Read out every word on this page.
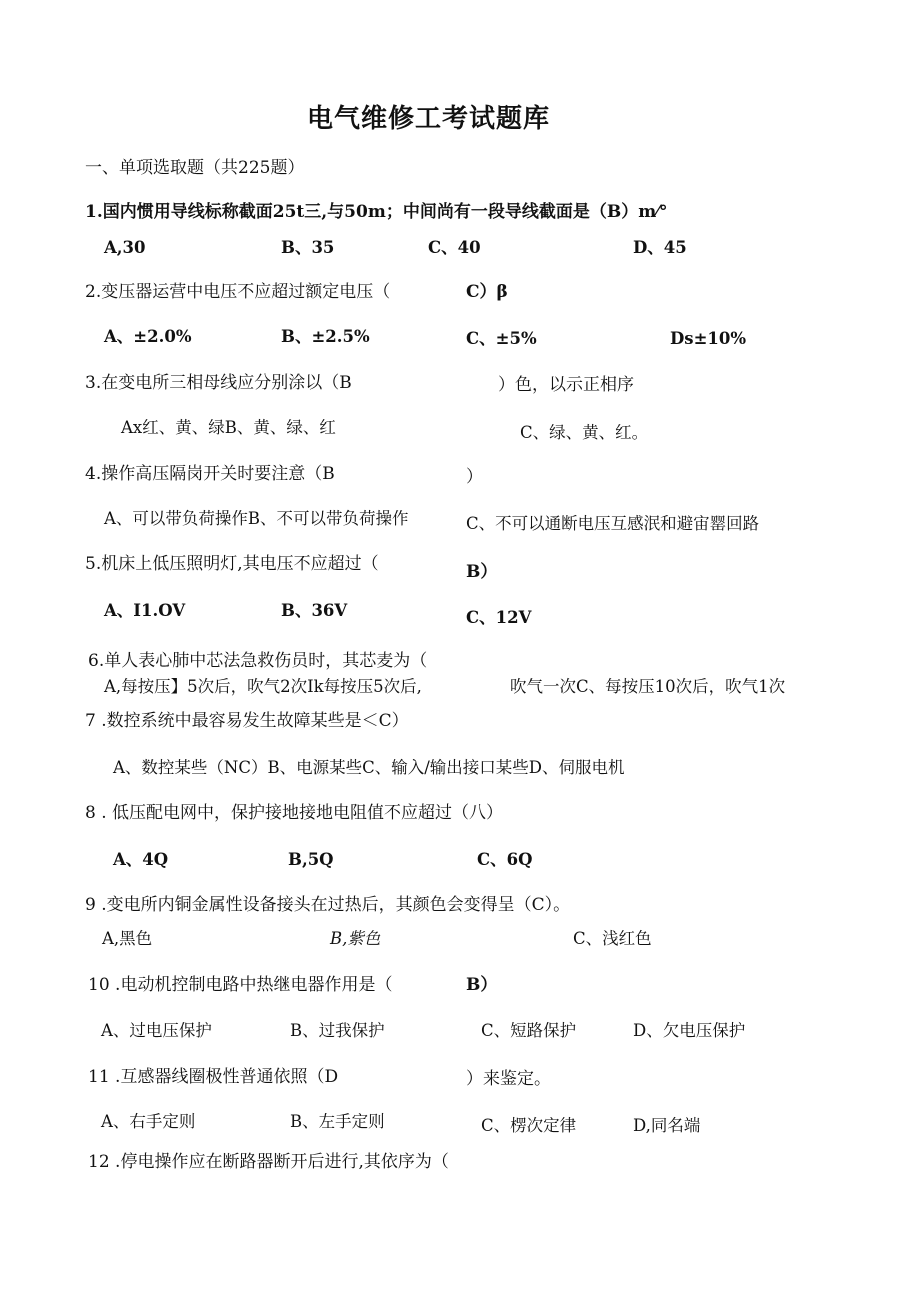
电气维修工考试题库
一、单项选取题（共225题）
1.国内惯用导线标称截面25t三,与50m；中间尚有一段导线截面是（B）m⁄°
A,30	B、35	C、40	D、45
2.变压器运营中电压不应超过额定电压（	C）β
A、±2.0%	B、±2.5%	C、±5%	Ds±10%
3.在变电所三相母线应分别涂以（B	）色，以示正相序
Ax红、黄、绿B、黄、绿、红	C、绿、黄、红。
4.操作高压隔岗开关时要注意（B	）
A、可以带负荷操作B、不可以带负荷操作	C、不可以通断电压互感泯和避宙罂回路
5.机床上低压照明灯,其电压不应超过（	B）
A、I1.OV	B、36V	C、12V
6.单人表心肺中芯法急救伤员时，其芯麦为（
A,每按压】5次后，吹气2次Ik每按压5次后,	吹气一次C、每按压10次后，吹气1次
7 .数控系统中最容易发生故障某些是＜C）
A、数控某些（NC）B、电源某些C、输入/输出接口某些D、伺服电机
8 . 低压配电网中，保护接地接地电阻值不应超过（八）
A、4Q	B,5Q	C、6Q
9 .变电所内铜金属性设备接头在过热后，其颜色会变得呈（C）。
A,黑色	B,紫色	C、浅红色
10 .电动机控制电路中热继电器作用是（	B）
A、过电压保护	B、过我保护	C、短路保护	D、欠电压保护
11 .互感器线圈极性普通依照（D	）来鉴定。
A、右手定则	B、左手定则	C、楞次定律	D,同名端
12 .停电操作应在断路器断开后进行,其依序为（
